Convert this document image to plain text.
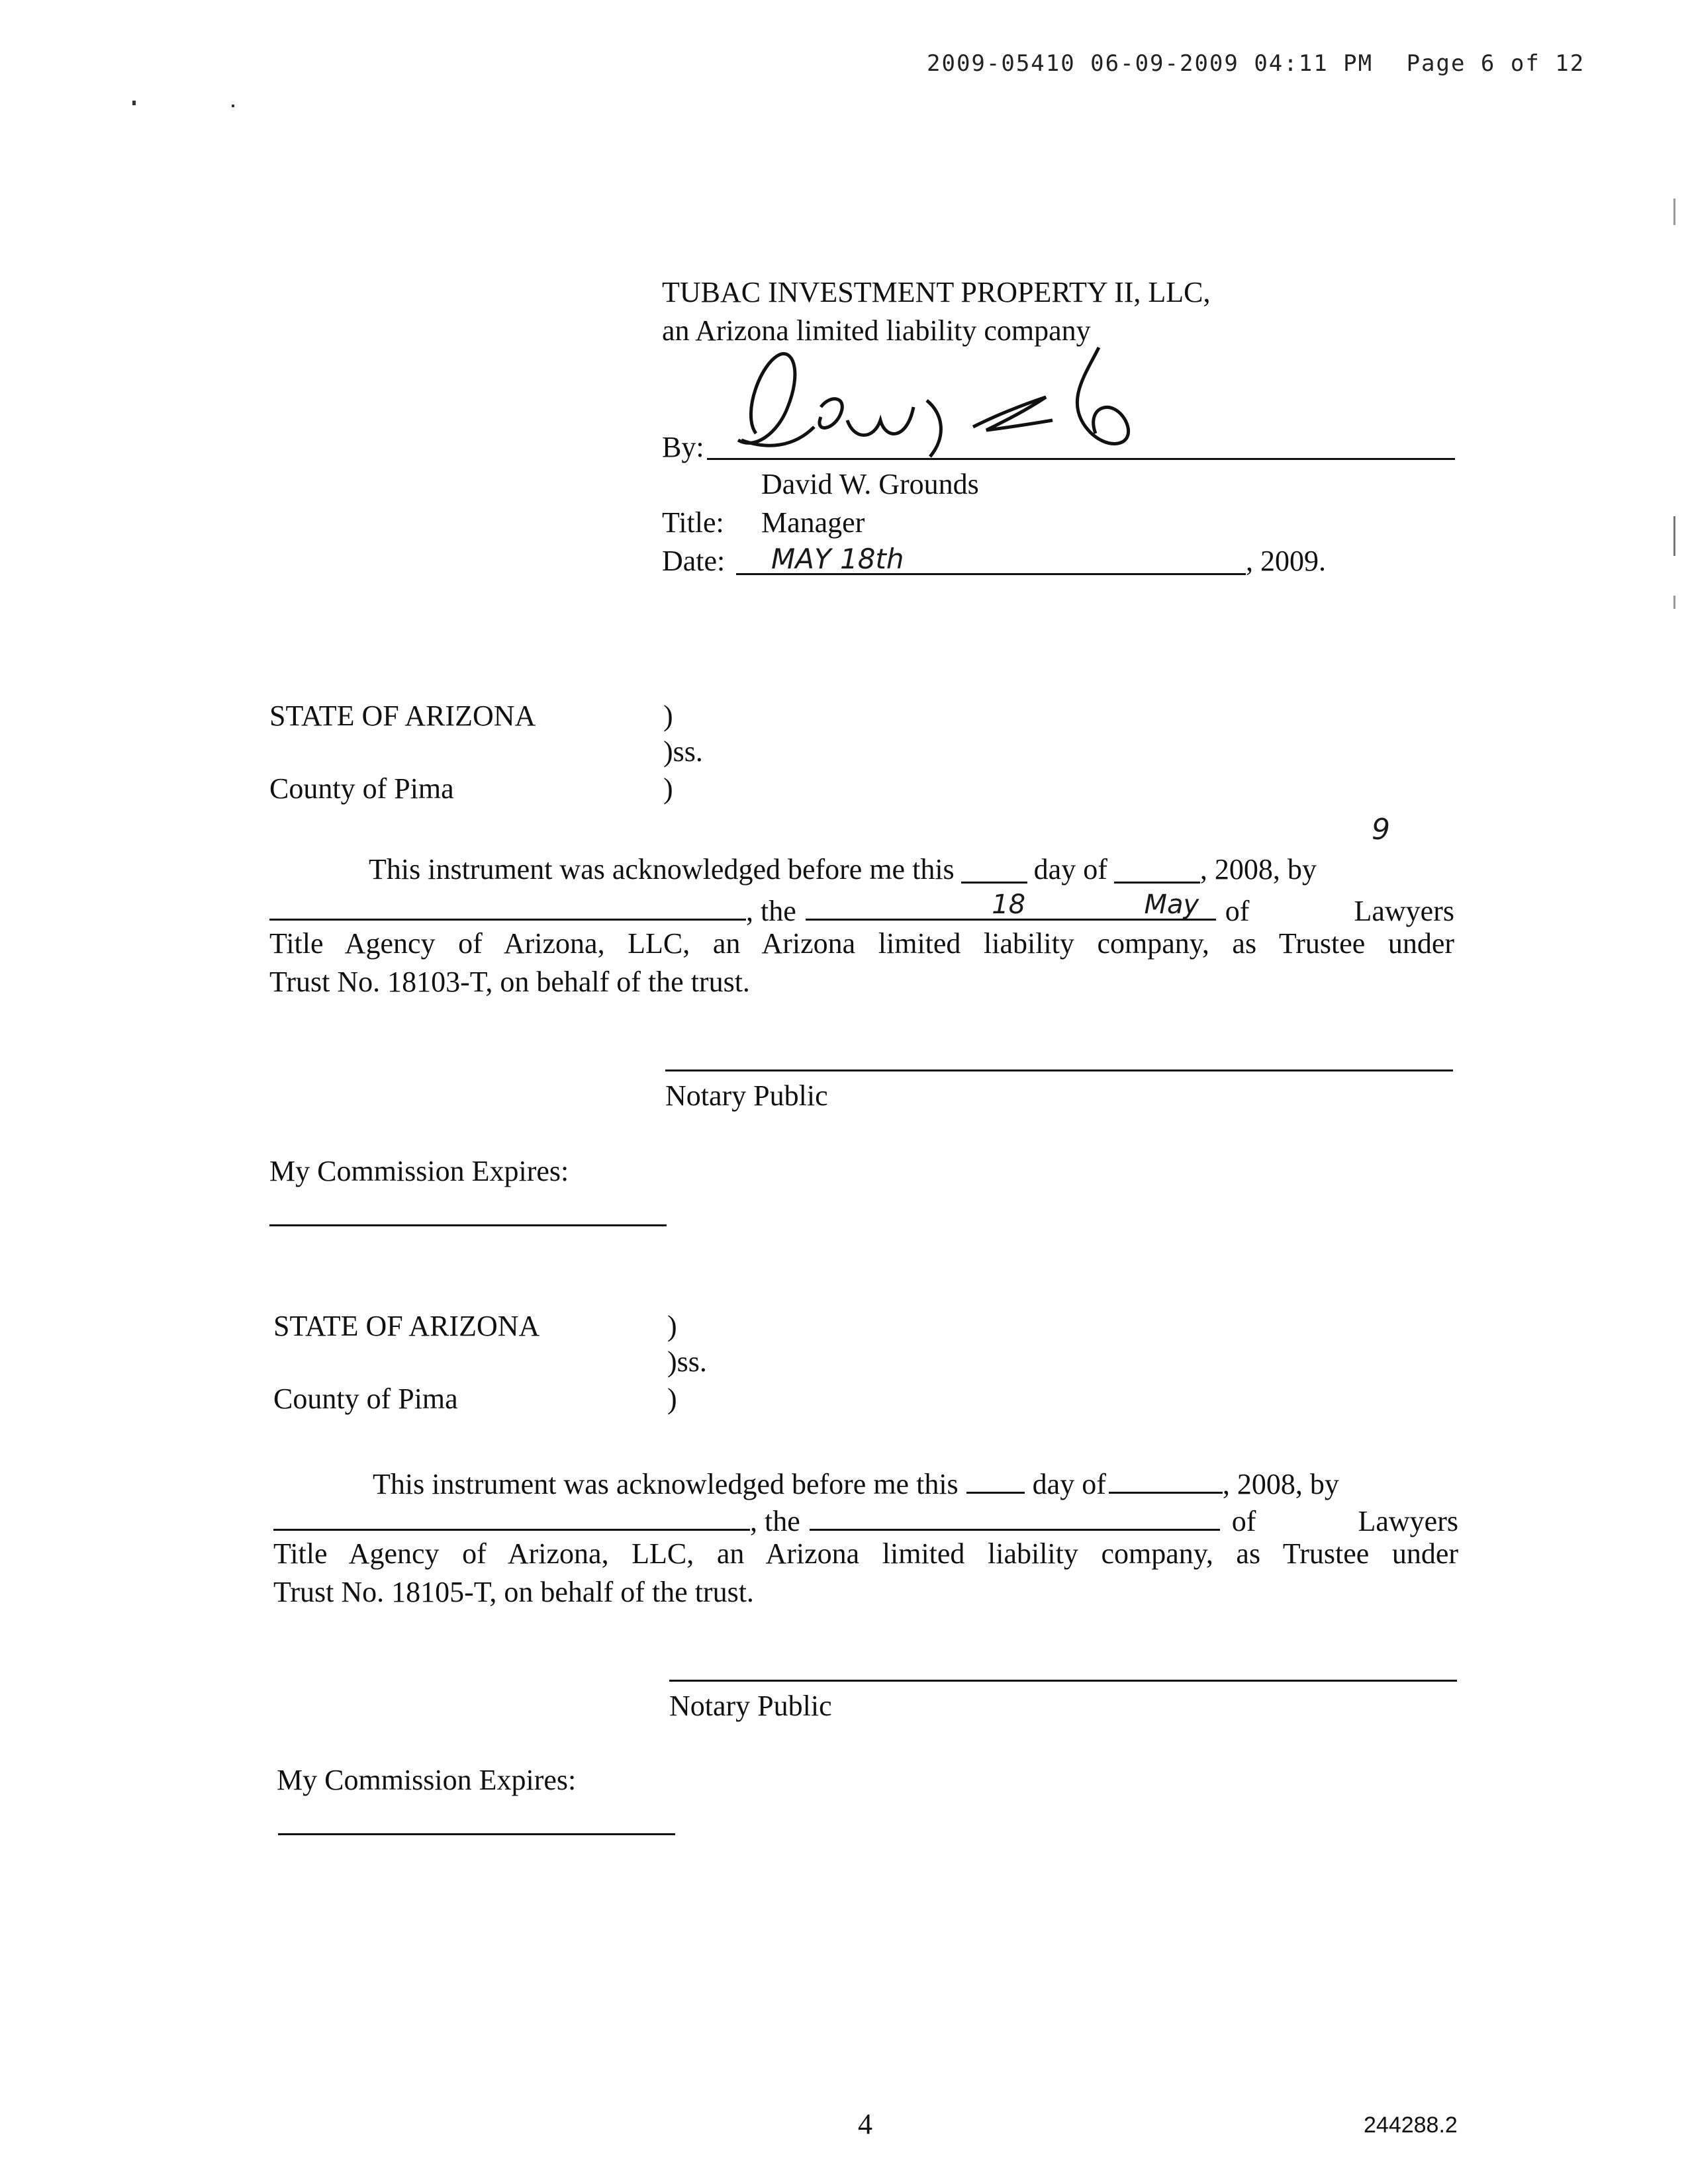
2009-05410 06-09-2009 04:11 PM Page 6 of 12
TUBAC INVESTMENT PROPERTY II, LLC,
an Arizona limited liability company
By:
David W. Grounds
Title: Manager
Date: MAY 18th	, 2009.
STATE OF ARIZONA	)
)ss.
County of Pima	)
This instrument was acknowledged before me this

18

day of

May

, 2008, by
9
, the	of	Lawyers
Title Agency of Arizona, LLC, an Arizona limited liability company, as Trustee under
Trust No. 18103-T, on behalf of the trust.
Notary Public
My Commission Expires:
STATE OF ARIZONA	)
)ss.
County of Pima	)
This instrument was acknowledged before me this	day of	, 2008, by
, the	of	Lawyers
Title Agency of Arizona, LLC, an Arizona limited liability company, as Trustee under
Trust No. 18105-T, on behalf of the trust.
Notary Public
My Commission Expires:
4	244288.2
